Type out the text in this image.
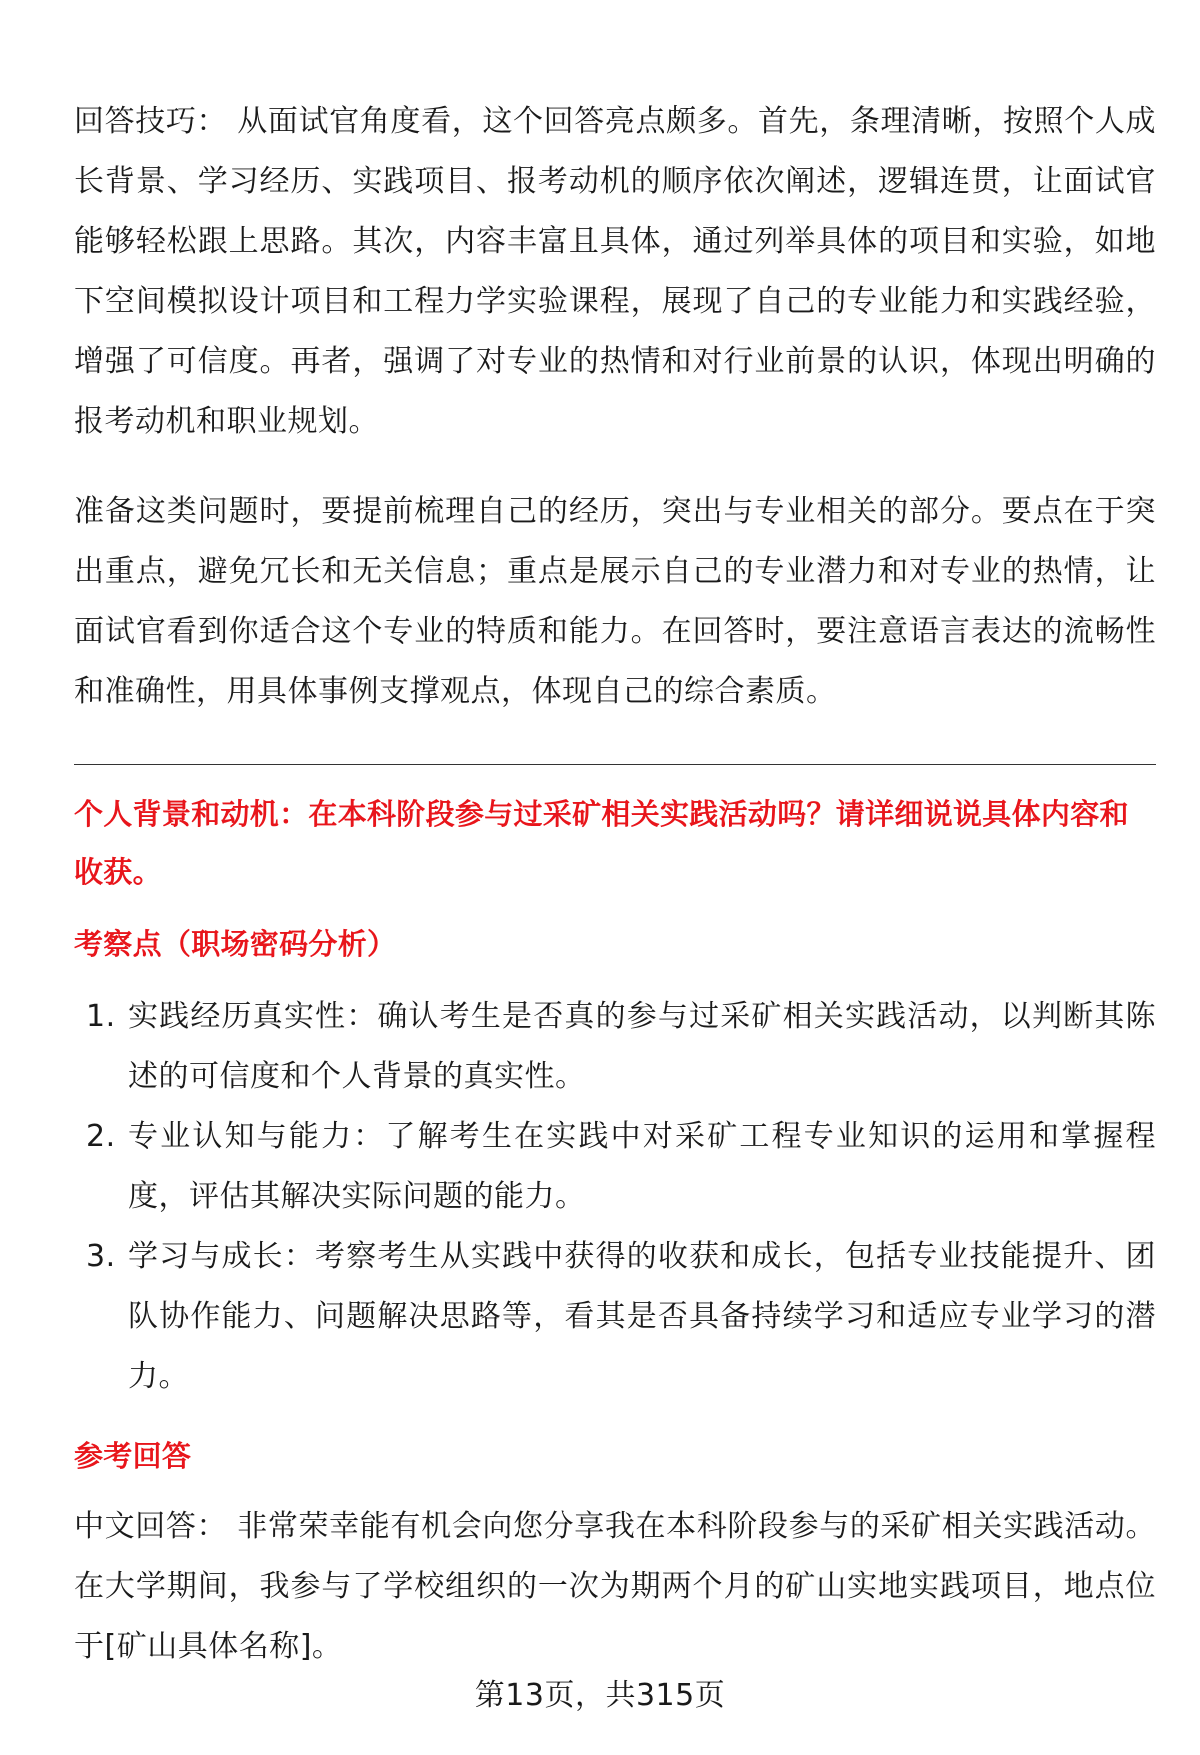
回答技巧： 从面试官角度看，这个回答亮点颇多。首先，条理清晰，按照个人成长背景、学习经历、实践项目、报考动机的顺序依次阐述，逻辑连贯，让面试官能够轻松跟上思路。其次，内容丰富且具体，通过列举具体的项目和实验，如地下空间模拟设计项目和工程力学实验课程，展现了自己的专业能力和实践经验，增强了可信度。再者，强调了对专业的热情和对行业前景的认识，体现出明确的报考动机和职业规划。

准备这类问题时，要提前梳理自己的经历，突出与专业相关的部分。要点在于突出重点，避免冗长和无关信息；重点是展示自己的专业潜力和对专业的热情，让面试官看到你适合这个专业的特质和能力。在回答时，要注意语言表达的流畅性和准确性，用具体事例支撑观点，体现自己的综合素质。

个人背景和动机：在本科阶段参与过采矿相关实践活动吗？请详细说说具体内容和收获。

考察点（职场密码分析）

1. 实践经历真实性：确认考生是否真的参与过采矿相关实践活动，以判断其陈述的可信度和个人背景的真实性。
2. 专业认知与能力：了解考生在实践中对采矿工程专业知识的运用和掌握程度，评估其解决实际问题的能力。
3. 学习与成长：考察考生从实践中获得的收获和成长，包括专业技能提升、团队协作能力、问题解决思路等，看其是否具备持续学习和适应专业学习的潜力。

参考回答

中文回答： 非常荣幸能有机会向您分享我在本科阶段参与的采矿相关实践活动。在大学期间，我参与了学校组织的一次为期两个月的矿山实地实践项目，地点位于[矿山具体名称]。

第13页，共315页
